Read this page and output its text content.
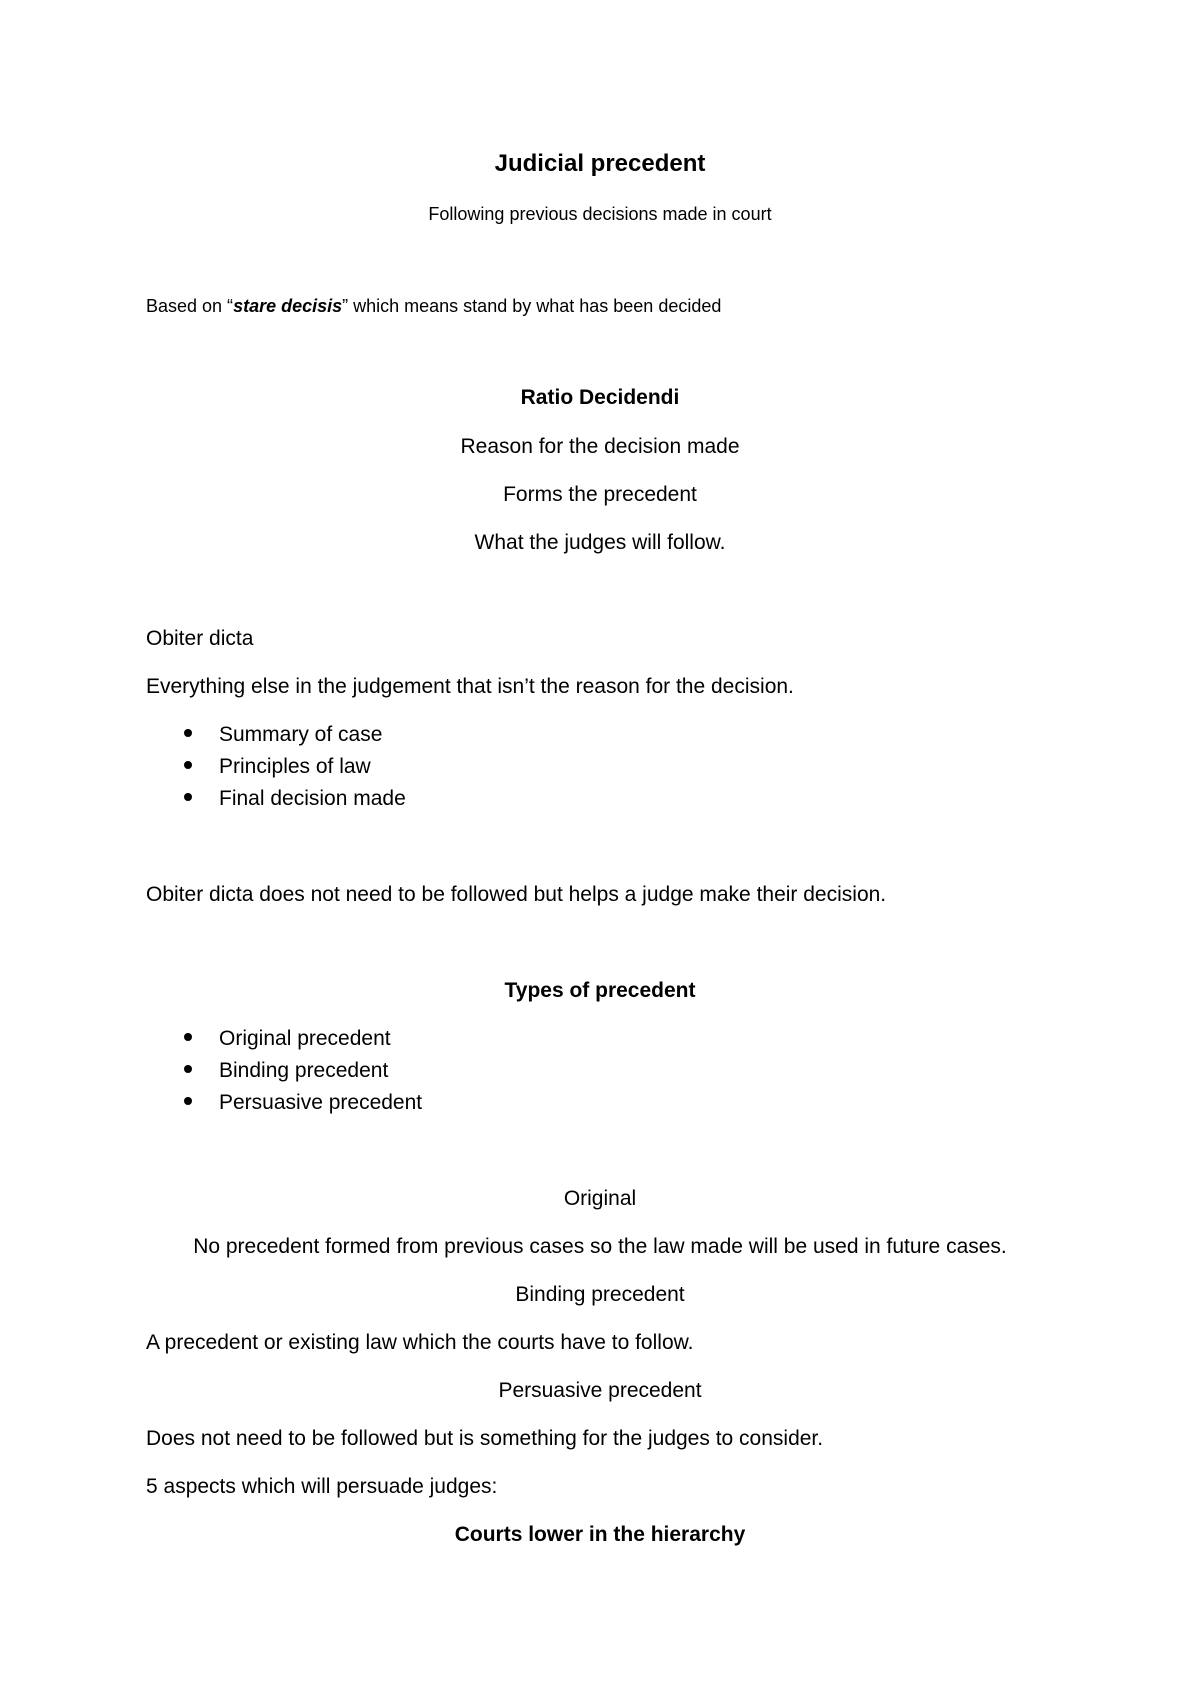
Judicial precedent
Following previous decisions made in court
Based on “stare decisis” which means stand by what has been decided
Ratio Decidendi
Reason for the decision made
Forms the precedent
What the judges will follow.
Obiter dicta
Everything else in the judgement that isn’t the reason for the decision.
Summary of case
Principles of law
Final decision made
Obiter dicta does not need to be followed but helps a judge make their decision.
Types of precedent
Original precedent
Binding precedent
Persuasive precedent
Original
No precedent formed from previous cases so the law made will be used in future cases.
Binding precedent
A precedent or existing law which the courts have to follow.
Persuasive precedent
Does not need to be followed but is something for the judges to consider.
5 aspects which will persuade judges:
Courts lower in the hierarchy
